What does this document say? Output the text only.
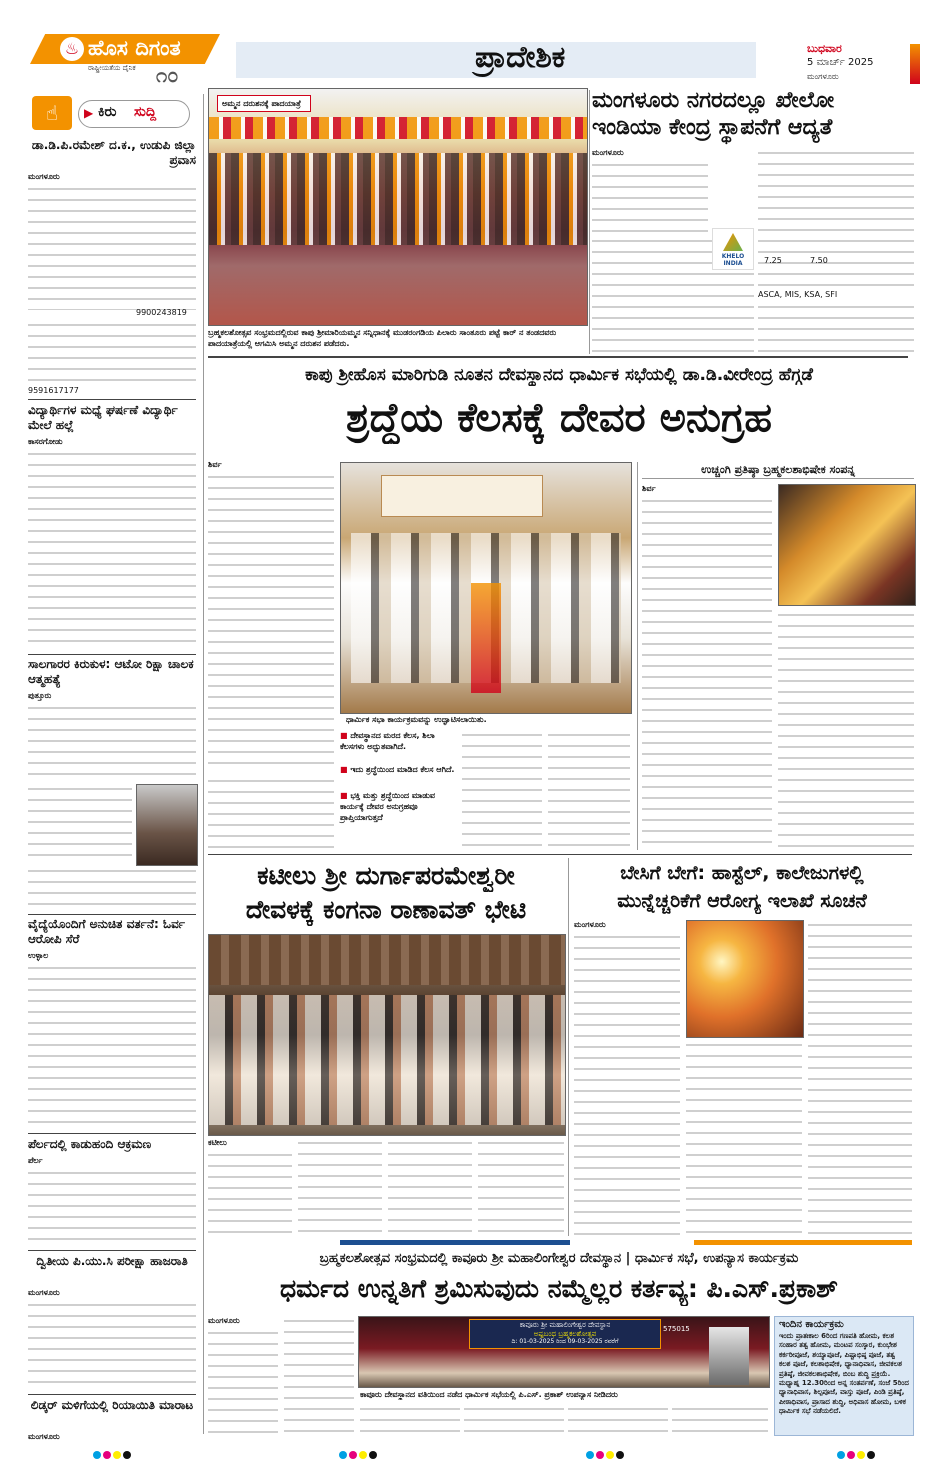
♨ ಹೊಸ ದಿಗಂತ
ರಾಷ್ಟ್ರೀಯತೆಯ ದೈನಿಕ ೧೦	ಪ್ರಾದೇಶಿಕ	ಬುಧವಾರ
5 ಮಾರ್ಚ್ 2025
ಮಂಗಳೂರು
☝	▶ ಕಿರು ಸುದ್ದಿ
ಡಾ.ಡಿ.ಪಿ.ರಮೇಶ್ ದ.ಕ., ಉಡುಪಿ ಜಿಲ್ಲಾ ಪ್ರವಾಸ
ಮಂಗಳೂರು
9900243819
9591617177
ವಿದ್ಯಾರ್ಥಿಗಳ ಮಧ್ಯೆ ಘರ್ಷಣೆ ವಿದ್ಯಾರ್ಥಿ ಮೇಲೆ ಹಲ್ಲೆ
ಕಾಸರಗೋಡು
ಸಾಲಗಾರರ ಕಿರುಕುಳ: ಆಟೋ ರಿಕ್ಷಾ ಚಾಲಕ ಆತ್ಮಹತ್ಯೆ
ಪುತ್ತೂರು
ವೈದ್ಯೆಯೊಂದಿಗೆ ಅನುಚಿತ ವರ್ತನೆ: ಓರ್ವ ಆರೋಪಿ ಸೆರೆ
ಉಳ್ಳಾಲ
ಪೆರ್ಲದಲ್ಲಿ ಕಾಡುಹಂದಿ ಆಕ್ರಮಣ
ಪೆರ್ಲ
ದ್ವಿತೀಯ ಪಿ.ಯು.ಸಿ ಪರೀಕ್ಷಾ ಹಾಜರಾತಿ
ಮಂಗಳೂರು
ಲಿಡ್ಕರ್ ಮಳಿಗೆಯಲ್ಲಿ ರಿಯಾಯಿತಿ ಮಾರಾಟ
ಮಂಗಳೂರು
ಅಮ್ಮನ ದರುಶನಕ್ಕೆ ಪಾದಯಾತ್ರೆ
ಬ್ರಹ್ಮಕಲಶೋತ್ಸವ ಸಂಭ್ರಮದಲ್ಲಿರುವ ಕಾಪು ಶ್ರೀಮಾರಿಯಮ್ಮನ ಸನ್ನಿಧಾನಕ್ಕೆ ಮುಡರಂಗಡಿಯ ಪಿಲಾರು ಸಾಂತೂರು ಪಟ್ಟೆ ಕಾರ್ ನ ತಂಡದವರು ಪಾದಯಾತ್ರೆಯಲ್ಲಿ ಆಗಮಿಸಿ ಅಮ್ಮನ ದರುಶನ ಪಡೆದರು.
ಮಂಗಳೂರು ನಗರದಲ್ಲೂ ಖೇಲೋ
ಇಂಡಿಯಾ ಕೇಂದ್ರ ಸ್ಥಾಪನೆಗೆ ಆದ್ಯತೆ
ಮಂಗಳೂರು
KHELO INDIA	7.25	7.50
ASCA, MIS, KSA, SFI
ಕಾಪು ಶ್ರೀಹೊಸ ಮಾರಿಗುಡಿ ನೂತನ ದೇವಸ್ಥಾನದ ಧಾರ್ಮಿಕ ಸಭೆಯಲ್ಲಿ ಡಾ.ಡಿ.ವೀರೇಂದ್ರ ಹೆಗ್ಗಡೆ
ಶ್ರದ್ಧೆಯ ಕೆಲಸಕ್ಕೆ ದೇವರ ಅನುಗ್ರಹ
ಶಿರ್ವ
ಧಾರ್ಮಿಕ ಸಭಾ ಕಾರ್ಯಕ್ರಮವನ್ನು ಉದ್ಘಾಟಿಸಲಾಯಿತು.
■ ದೇವಸ್ಥಾನದ ಮರದ ಕೆಲಸ, ಶಿಲಾ ಕೆಲಸಗಳು ಅದ್ಭುತವಾಗಿದೆ.
■ ಇದು ಶ್ರದ್ಧೆಯಿಂದ ಮಾಡಿದ ಕೆಲಸ ಆಗಿದೆ.
■ ಭಕ್ತಿ ಮತ್ತು ಶ್ರದ್ಧೆಯಿಂದ ಮಾಡುವ ಕಾರ್ಯಕ್ಕೆ ದೇವರ ಅನುಗ್ರಹವೂ ಪ್ರಾಪ್ತಿಯಾಗುತ್ತದೆ
ಉಚ್ಚಂಗಿ ಪ್ರತಿಷ್ಠಾ ಬ್ರಹ್ಮಕಲಶಾಭಿಷೇಕ ಸಂಪನ್ನ
ಶಿರ್ವ
ಕಟೀಲು ಶ್ರೀ ದುರ್ಗಾಪರಮೇಶ್ವರೀ
ದೇವಳಕ್ಕೆ ಕಂಗನಾ ರಾಣಾವತ್ ಭೇಟಿ
ಕಟೀಲು
ಬೇಸಿಗೆ ಬೇಗೆ: ಹಾಸ್ಟೆಲ್, ಕಾಲೇಜುಗಳಲ್ಲಿ
ಮುನ್ನೆಚ್ಚರಿಕೆಗೆ ಆರೋಗ್ಯ ಇಲಾಖೆ ಸೂಚನೆ
ಮಂಗಳೂರು
ಬ್ರಹ್ಮಕಲಶೋತ್ಸವ ಸಂಭ್ರಮದಲ್ಲಿ ಕಾವೂರು ಶ್ರೀ ಮಹಾಲಿಂಗೇಶ್ವರ ದೇವಸ್ಥಾನ | ಧಾರ್ಮಿಕ ಸಭೆ, ಉಪನ್ಯಾಸ ಕಾರ್ಯಕ್ರಮ
ಧರ್ಮದ ಉನ್ನತಿಗೆ ಶ್ರಮಿಸುವುದು ನಮ್ಮೆಲ್ಲರ ಕರ್ತವ್ಯ: ಪಿ.ಎಸ್.ಪ್ರಕಾಶ್
ಮಂಗಳೂರು	ಕಾವೂರು ಶ್ರೀ ಮಹಾಲಿಂಗೇಶ್ವರ ದೇವಸ್ಥಾನ
ಅಷ್ಟಬಂಧ ಬ್ರಹ್ಮಕಲಶೋತ್ಸವ
ದಿ: 01-03-2025 ರಿಂದ 09-03-2025 ರವರೆಗೆ
575015
ಕಾವೂರು ದೇವಸ್ಥಾನದ ವತಿಯಿಂದ ನಡೆದ ಧಾರ್ಮಿಕ ಸಭೆಯಲ್ಲಿ ಪಿ.ಎಸ್. ಪ್ರಕಾಶ್ ಉಪನ್ಯಾಸ ನೀಡಿದರು
ಇಂದಿನ ಕಾರ್ಯಕ್ರಮ
ಇಂದು ಪ್ರಾತಃಕಾಲ 6ರಿಂದ ಗಣಪತಿ ಹೋಮ, ಕಲಶ ಸಂಹಾರ ತತ್ವ ಹೋಮ, ಮಂಟಪ ಸಂಸ್ಕಾರ, ಕುಂಭೇಶ ಕರ್ಕರೀಪೂಜೆ, ಶಯ್ಯಾಪೂಜೆ, ಪಿಷ್ಟಾಭಿಷ್ಠ ಪೂಜೆ, ತತ್ವ ಕಲಶ ಪೂಜೆ, ಕಲಶಾಭಿಷೇಕ, ಧ್ಯಾನಾಧಿವಾಸ, ಜೀವಕಲಶ ಪ್ರತಿಷ್ಠೆ, ಜೀವಕಲಶಾಭಿಷೇಕ, ಬಿಂಬ ಶುದ್ಧಿ ಪ್ರಕ್ರಿಯೆ. ಮಧ್ಯಾಹ್ನ 12.30ರಿಂದ ಅನ್ನ ಸಂತರ್ಪಣೆ, ಸಂಜೆ 5ರಿಂದ ಧ್ಯಾನಾಧಿವಾಸ, ಶಿಲ್ಪಪೂಜೆ, ವಾಸ್ತು ಪೂಜೆ, ಪಿಂಡಿ ಪ್ರತಿಷ್ಠೆ, ಪೀಠಾಧಿವಾಸ, ಪ್ರಾಸಾದ ಶುದ್ಧಿ, ಅಧಿವಾಸ ಹೋಮ, ಬಳಿಕ ಧಾರ್ಮಿಕ ಸಭೆ ನಡೆಯಲಿದೆ.
